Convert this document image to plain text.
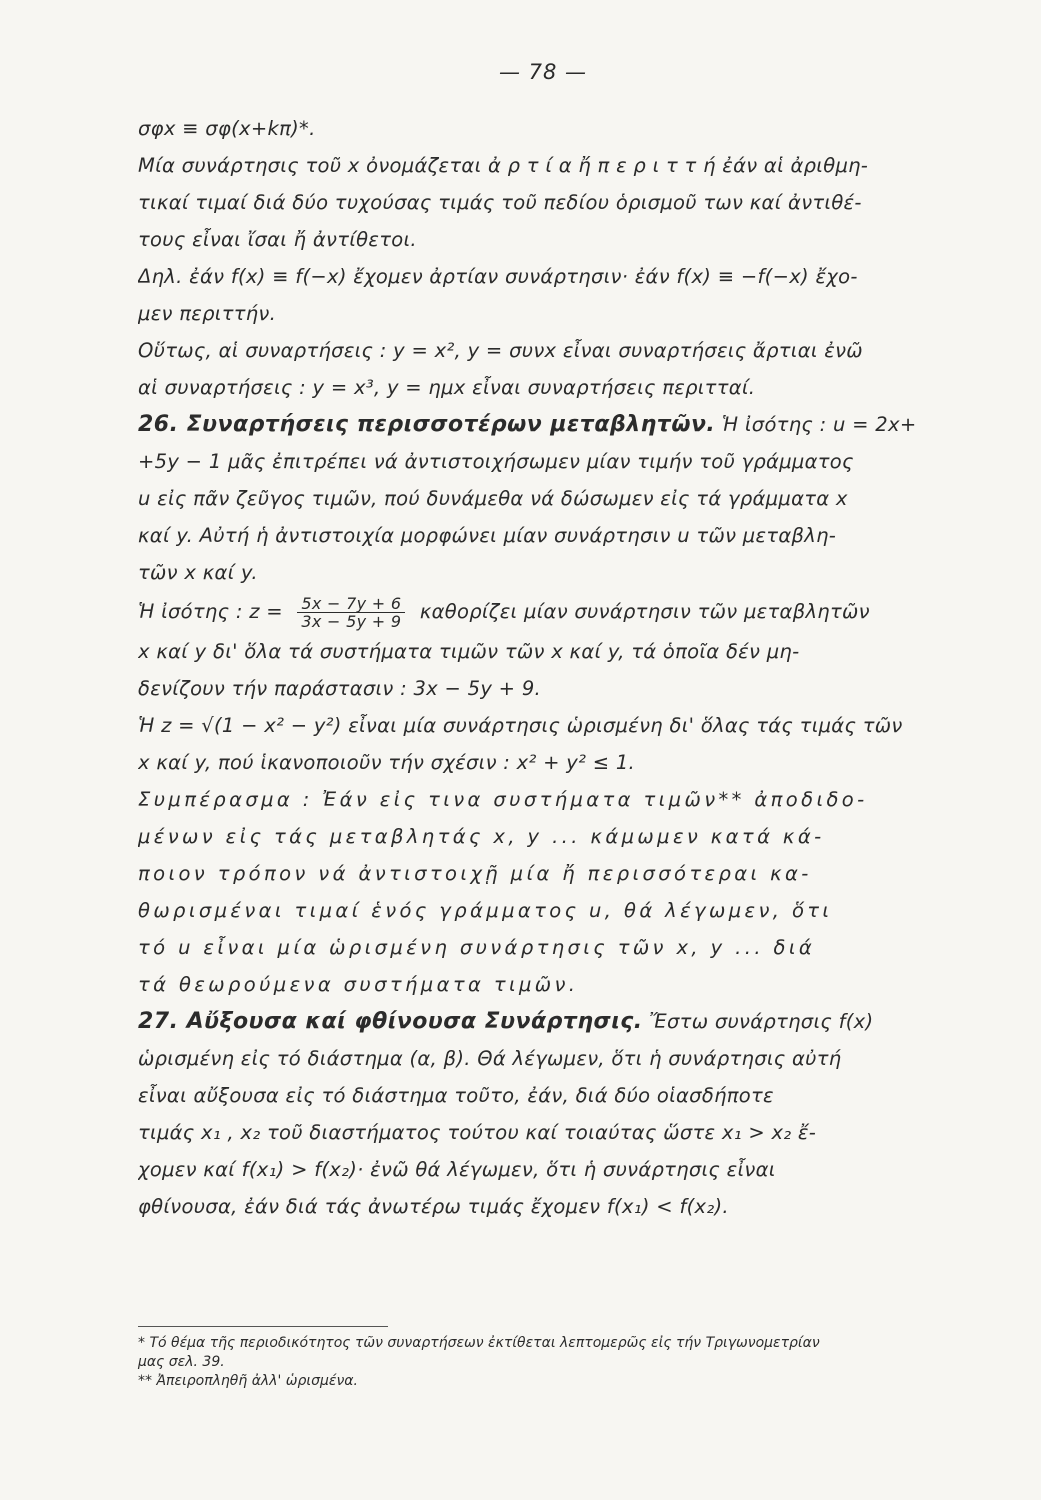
— 78 —
σφx ≡ σφ(x+kπ)*.
Μία συνάρτησις τοῦ x ὀνομάζεται ἀ ρ τ ί α ἤ π ε ρ ι τ τ ή ἐάν αἱ ἀριθμη-
τικαί τιμαί διά δύο τυχούσας τιμάς τοῦ πεδίου ὁρισμοῦ των καί ἀντιθέ-
τους εἶναι ἴσαι ἤ ἀντίθετοι.
Δηλ. ἐάν f(x) ≡ f(−x) ἔχομεν ἀρτίαν συνάρτησιν· ἐάν f(x) ≡ −f(−x) ἔχο-
μεν περιττήν.
Οὕτως, αἱ συναρτήσεις : y = x², y = συνx εἶναι συναρτήσεις ἄρτιαι ἐνῶ
αἱ συναρτήσεις : y = x³, y = ημx εἶναι συναρτήσεις περιτταί.
26. Συναρτήσεις περισσοτέρων μεταβλητῶν. Ἡ ἰσότης : u = 2x+
+5y − 1 μᾶς ἐπιτρέπει νά ἀντιστοιχήσωμεν μίαν τιμήν τοῦ γράμματος
u εἰς πᾶν ζεῦγος τιμῶν, πού δυνάμεθα νά δώσωμεν εἰς τά γράμματα x
καί y. Αὐτή ἡ ἀντιστοιχία μορφώνει μίαν συνάρτησιν u τῶν μεταβλη-
τῶν x καί y.
Ἡ ἰσότης : $z = \frac{5x - 7y + 6}{3x - 5y + 9}$ καθορίζει μίαν συνάρτησιν τῶν μεταβλητῶν
x καί y δι' ὅλα τά συστήματα τιμῶν τῶν x καί y, τά ὁποῖα δέν μη-
δενίζουν τήν παράστασιν : 3x − 5y + 9.
Ἡ z = √(1 − x² − y²) εἶναι μία συνάρτησις ὡρισμένη δι' ὅλας τάς τιμάς τῶν
x καί y, πού ἱκανοποιοῦν τήν σχέσιν : x² + y² ≤ 1.
Συμπέρασμα : Ἐάν εἰς τινα συστήματα τιμῶν** ἀποδιδο-
μένων εἰς τάς μεταβλητάς x, y ... κάμωμεν κατά κά-
ποιον τρόπον νά ἀντιστοιχῇ μία ἤ περισσότεραι κα-
θωρισμέναι τιμαί ἑνός γράμματος u, θά λέγωμεν, ὅτι
τό u εἶναι μία ὡρισμένη συνάρτησις τῶν x, y ... διά
τά θεωρούμενα συστήματα τιμῶν.
27. Αὔξουσα καί φθίνουσα Συνάρτησις. Ἔστω συνάρτησις f(x)
ὡρισμένη εἰς τό διάστημα (α, β). Θά λέγωμεν, ὅτι ἡ συνάρτησις αὐτή
εἶναι αὔξουσα εἰς τό διάστημα τοῦτο, ἐάν, διά δύο οἱασδήποτε
τιμάς x₁ , x₂ τοῦ διαστήματος τούτου καί τοιαύτας ὥστε x₁ > x₂ ἔ-
χομεν καί f(x₁) > f(x₂)· ἐνῶ θά λέγωμεν, ὅτι ἡ συνάρτησις εἶναι
φθίνουσα, ἐάν διά τάς ἀνωτέρω τιμάς ἔχομεν f(x₁) < f(x₂).
* Τό θέμα τῆς περιοδικότητος τῶν συναρτήσεων ἐκτίθεται λεπτομερῶς εἰς τήν Τριγωνομετρίαν
μας σελ. 39.
** Ἀπειροπληθῆ ἀλλ' ὡρισμένα.
